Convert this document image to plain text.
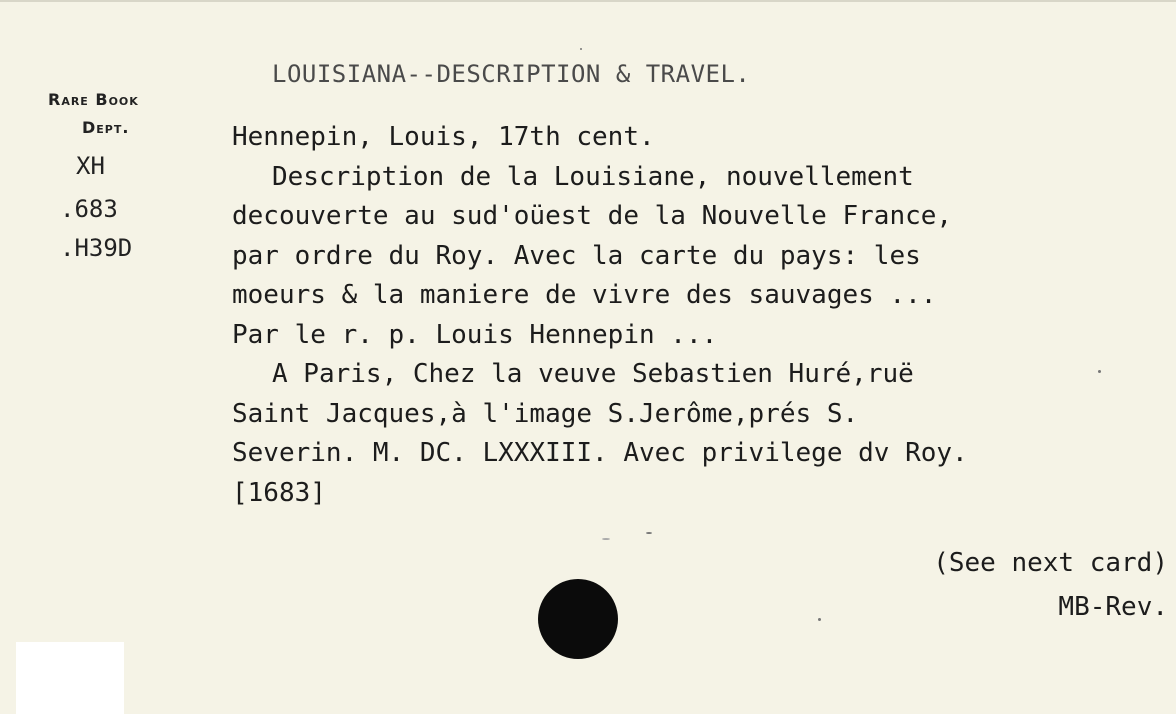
Rare Book
Dept.
XH
.683
.H39D
LOUISIANA--DESCRIPTION & TRAVEL.
Hennepin, Louis, 17th cent.
Description de la Louisiane, nouvellement
decouverte au sud'oüest de la Nouvelle France,
par ordre du Roy. Avec la carte du pays: les
moeurs & la maniere de vivre des sauvages ...
Par le r. p. Louis Hennepin ...
A Paris, Chez la veuve Sebastien Huré,ruë
Saint Jacques,à l'image S.Jerôme,prés S.
Severin. M. DC. LXXXIII. Avec privilege dv Roy.
[1683]
(See next card)
MB-Rev.
